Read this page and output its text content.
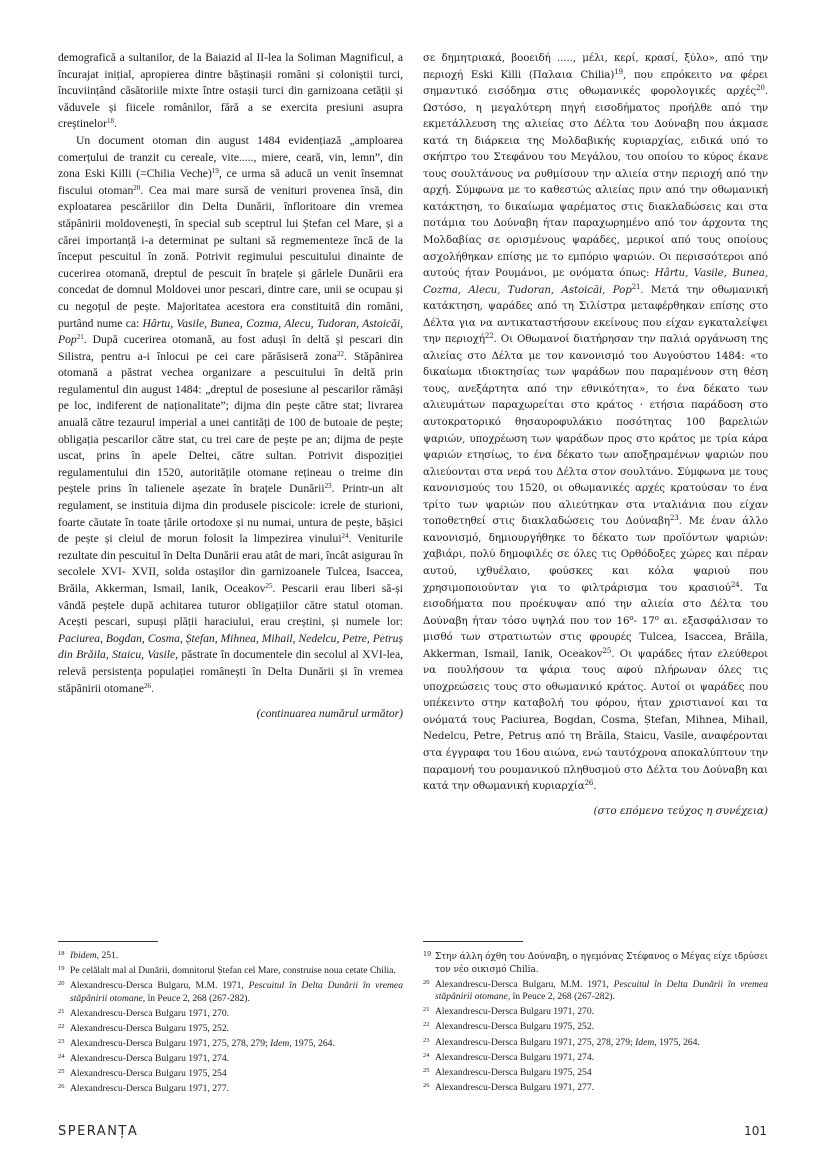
demografică a sultanilor, de la Baiazid al II-lea la Soliman Magnificul, a încurajat inițial, apropierea dintre băștinașii români și coloniștii turci, încuviințând căsătoriile mixte între ostașii turci din garnizoana cetății și văduvele și fiicele românilor, fără a se exercita presiuni asupra creștinelor$^{18}$.

Un document otoman din august 1484 evidențiază „amploarea comerțului de tranzit cu cereale, vite....., miere, ceară, vin, lemn”, din zona Eski Killi (=Chilia Veche)$^{19}$, ce urma să aducă un venit însemnat fiscului otoman$^{20}$. Cea mai mare sursă de venituri provenea însă, din exploatarea pescăriilor din Delta Dunării, înfloritoare din vremea stăpânirii moldovenești, în special sub sceptrul lui Ștefan cel Mare, și a cărei importanță i-a determinat pe sultani să regmementeze încă de la început pescuitul în zonă. Potrivit regimului pescuitului dinainte de cucerirea otomană, dreptul de pescuit în brațele și gârlele Dunării era concedat de domnul Moldovei unor pescari, dintre care, unii se ocupau și cu negoțul de pește. Majoritatea acestora era constituită din români, purtând nume ca: Hârtu, Vasile, Bunea, Cozma, Alecu, Tudoran, Astoicăi, Pop$^{21}$. După cucerirea otomană, au fost aduși în deltă și pescari din Silistra, pentru a-i înlocui pe cei care părăsiseră zona$^{22}$. Stăpânirea otomană a păstrat vechea organizare a pescuitului în deltă prin regulamentul din august 1484: „dreptul de posesiune al pescarilor rămâși pe loc, indiferent de naționalitate”; dijma din pește către stat; livrarea anuală către tezaurul imperial a unei cantități de 100 de butoaie de pește; obligația pescarilor către stat, cu trei care de pește pe an; dijma de pește uscat, prins în apele Deltei, către sultan. Potrivit dispoziției regulamentului din 1520, autoritățile otomane rețineau o treime din peștele prins în talienele așezate în brațele Dunării$^{23}$. Printr-un alt regulament, se instituia dijma din produsele piscicole: icrele de sturioni, foarte căutate în toate țările ortodoxe și nu numai, untura de pește, bășici de pește și cleiul de morun folosit la limpezirea vinului$^{24}$. Veniturile rezultate din pescuitul în Delta Dunării erau atât de mari, încât asigurau în secolele XVI- XVII, solda ostașilor din garnizoanele Tulcea, Isaccea, Brăila, Akkerman, Ismail, Ianik, Oceakov$^{25}$. Pescarii erau liberi să-și vândă peștele după achitarea tuturor obligațiilor către statul otoman. Acești pescari, supuși plății haraciului, erau creștini, și numele lor: Paciurea, Bogdan, Cosma, Ștefan, Mihnea, Mihail, Nedelcu, Petre, Petruș din Brăila, Staicu, Vasile, păstrate în documentele din secolul al XVI-lea, relevă persistența populației românești în Delta Dunării și în vremea stăpânirii otomane$^{26}$.

(continuarea numărul următor)

σε δημητριακά, βοοειδή ....., μέλι, κερί, κρασί, ξύλο», από την περιοχή Eski Killi (Παλαια Chilia)$^{19}$, που επρόκειτο να φέρει σημαντικό εισόδημα στις οθωμανικές φορολογικές αρχές$^{20}$. Ωστόσο, η μεγαλύτερη πηγή εισοδήματος προήλθε από την εκμετάλλευση της αλιείας στο Δέλτα του Δούναβη που άκμασε κατά τη διάρκεια της Μολδαβικής κυριαρχίας, ειδικά υπό το σκήπτρο του Στεφάνου του Μεγάλου, του οποίου το κύρος έκανε τους σουλτάνους να ρυθμίσουν την αλιεία στην περιοχή από την αρχή. Σύμφωνα με το καθεστώς αλιείας πριν από την οθωμανική κατάκτηση, το δικαίωμα ψαρέματος στις διακλαδώσεις και στα ποτάμια του Δούναβη ήταν παραχωρημένο από τον άρχοντα της Μολδαβίας σε ορισμένους ψαράδες, μερικοί από τους οποίους ασχολήθηκαν επίσης με το εμπόριο ψαριών. Οι περισσότεροι από αυτούς ήταν Ρουμάνοι, με ονόματα όπως: Hârtu, Vasile, Bunea, Cozma, Alecu, Tudoran, Astoicăi, Pop$^{21}$. Μετά την οθωμανική κατάκτηση, ψαράδες από τη Σιλίστρα μεταφέρθηκαν επίσης στο Δέλτα για να αντικαταστήσουν εκείνους που είχαν εγκαταλείψει την περιοχή$^{22}$. Οι Οθωμανοί διατήρησαν την παλιά οργάνωση της αλιείας στο Δέλτα με τον κανονισμό του Αυγούστου 1484: «το δικαίωμα ιδιοκτησίας των ψαράδων που παραμένουν στη θέση τους, ανεξάρτητα από την εθνικότητα», το ένα δέκατο των αλιευμάτων παραχωρείται στο κράτος · ετήσια παράδοση στο αυτοκρατορικό θησαυροφυλάκιο ποσότητας 100 βαρελιών ψαριών, υποχρέωση των ψαράδων προς στο κράτος με τρία κάρα ψαριών ετησίως, το ένα δέκατο των αποξηραμένων ψαριών που αλιεύονται στα νερά του Δέλτα στον σουλτάνο. Σύμφωνα με τους κανονισμούς του 1520, οι οθωμανικές αρχές κρατούσαν το ένα τρίτο των ψαριών που αλιεύτηκαν στα νταλιάνια που είχαν τοποθετηθεί στις διακλαδώσεις του Δούναβη$^{23}$. Με έναν άλλο κανονισμό, δημιουργήθηκε το δέκατο των προϊόντων ψαριών: χαβιάρι, πολύ δημοφιλές σε όλες τις Ορθόδοξες χώρες και πέραν αυτού, ιχθυέλαιο, φούσκες και κόλα ψαριού που χρησιμοποιούνταν για το φιλτράρισμα του κρασιού$^{24}$. Τα εισοδήματα που προέκυψαν από την αλιεία στο Δέλτα του Δούναβη ήταν τόσο υψηλά που τον $16^o-$ $17^o$ αι. εξασφάλισαν το μισθό των στρατιωτών στις φρουρές Tulcea, Isaccea, Brăila, Akkerman, Ismail, Ianik, Oceakov$^{25}$. Οι ψαράδες ήταν ελεύθεροι να πουλήσουν τα ψάρια τους αφού πλήρωναν όλες τις υποχρεώσεις τους στο οθωμανικό κράτος. Αυτοί οι ψαράδες που υπέκειντο στην καταβολή του φόρου, ήταν χριστιανοί και τα ονόματά τους Paciurea, Bogdan, Cosma, Ștefan, Mihnea, Mihail, Nedelcu, Petre, Petruș από τη Brăila, Staicu, Vasile, αναφέρονται στα έγγραφα του 16ου αιώνα, ενώ ταυτόχρονα αποκαλύπτουν την παραμονή του ρουμανικού πληθυσμού στο Δέλτα του Δούναβη και κατά την οθωμανική κυριαρχία$^{26}$.

(στο επόμενο τεύχος η συνέχεια)

18 Ibidem, 251.

19 Pe celălalt mal al Dunării, domnitorul Ștefan cel Mare, construise noua cetate Chilia.

20 Alexandrescu-Dersca Bulgaru, M.M. 1971, Pescuitul în Delta Dunării în vremea stăpânirii otomane, în Peuce 2, 268 (267-282).

21 Alexandrescu-Dersca Bulgaru 1971, 270.

22 Alexandrescu-Dersca Bulgaru 1975, 252.

23 Alexandrescu-Dersca Bulgaru 1971, 275, 278, 279; Idem, 1975, 264.

24 Alexandrescu-Dersca Bulgaru 1971, 274.

25 Alexandrescu-Dersca Bulgaru 1975, 254

26 Alexandrescu-Dersca Bulgaru 1971, 277.

19 Στην άλλη όχθη του Δούναβη, ο ηγεμόνας Στέφανος ο Μέγας είχε ιδρύσει τον νέο οικισμό Chilia.

20 Alexandrescu-Dersca Bulgaru, M.M. 1971, Pescuitul în Delta Dunării în vremea stăpânirii otomane, în Peuce 2, 268 (267-282).

21 Alexandrescu-Dersca Bulgaru 1971, 270.

22 Alexandrescu-Dersca Bulgaru 1975, 252.

23 Alexandrescu-Dersca Bulgaru 1971, 275, 278, 279; Idem, 1975, 264.

24 Alexandrescu-Dersca Bulgaru 1971, 274.

25 Alexandrescu-Dersca Bulgaru 1975, 254

26 Alexandrescu-Dersca Bulgaru 1971, 277.

SPERANȚA	101
